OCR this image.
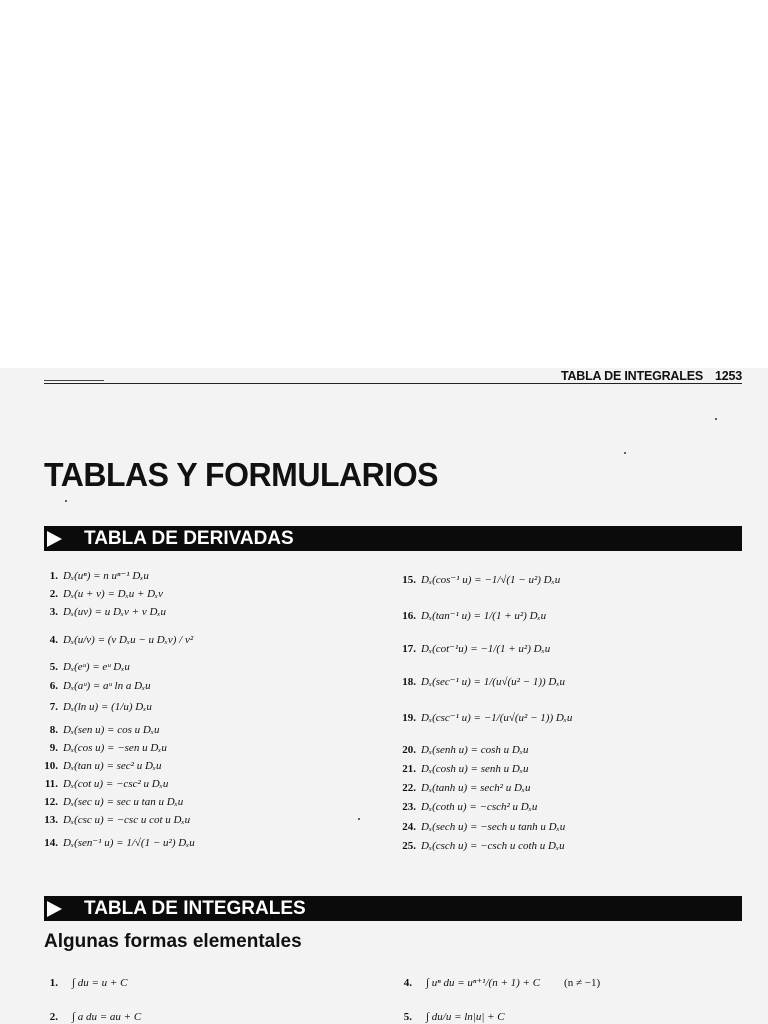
TABLA DE INTEGRALES 1253
TABLAS Y FORMULARIOS
TABLA DE DERIVADAS
1. Dₓ(uⁿ) = n uⁿ⁻¹ Dₓu
2. Dₓ(u + v) = Dₓu + Dₓv
3. Dₓ(uv) = u Dₓv + v Dₓu
4. Dₓ(u/v) = (v Dₓu − u Dₓv) / v²
5. Dₓ(eᵘ) = eᵘ Dₓu
6. Dₓ(aᵘ) = aᵘ ln a Dₓu
7. Dₓ(ln u) = (1/u) Dₓu
8. Dₓ(sen u) = cos u Dₓu
9. Dₓ(cos u) = −sen u Dₓu
10. Dₓ(tan u) = sec² u Dₓu
11. Dₓ(cot u) = −csc² u Dₓu
12. Dₓ(sec u) = sec u tan u Dₓu
13. Dₓ(csc u) = −csc u cot u Dₓu
14. Dₓ(sen⁻¹ u) = 1/√(1 − u²) Dₓu
15. Dₓ(cos⁻¹ u) = −1/√(1 − u²) Dₓu
16. Dₓ(tan⁻¹ u) = 1/(1 + u²) Dₓu
17. Dₓ(cot⁻¹u) = −1/(1 + u²) Dₓu
18. Dₓ(sec⁻¹ u) = 1/(u√(u² − 1)) Dₓu
19. Dₓ(csc⁻¹ u) = −1/(u√(u² − 1)) Dₓu
20. Dₓ(senh u) = cosh u Dₓu
21. Dₓ(cosh u) = senh u Dₓu
22. Dₓ(tanh u) = sech² u Dₓu
23. Dₓ(coth u) = −csch² u Dₓu
24. Dₓ(sech u) = −sech u tanh u Dₓu
25. Dₓ(csch u) = −csch u coth u Dₓu
TABLA DE INTEGRALES
Algunas formas elementales
1. ∫ du = u + C	4. ∫ uⁿ du = uⁿ⁺¹/(n + 1) + C (n ≠ −1)
2. ∫ a du = au + C	5. ∫ du/u = ln|u| + C
